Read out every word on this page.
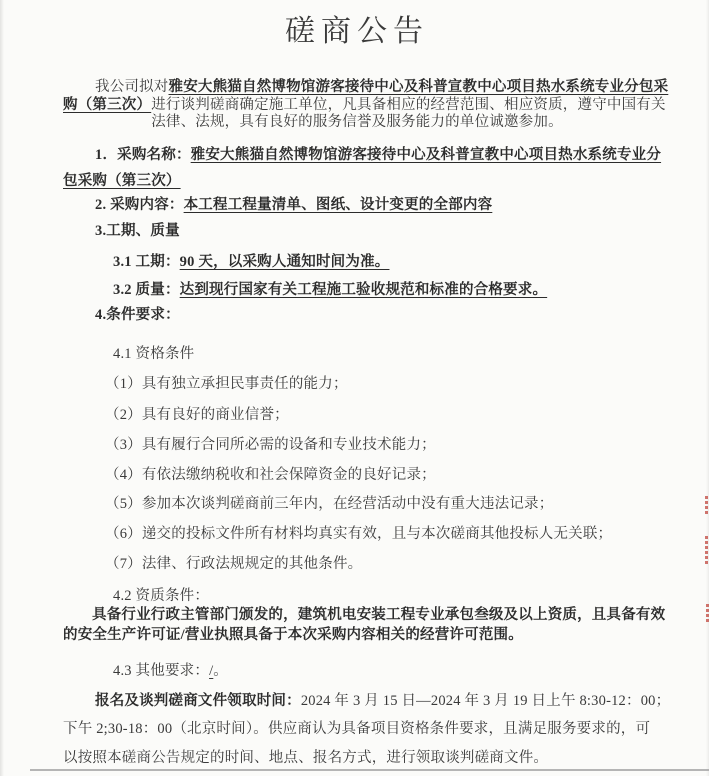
磋商公告
我公司拟对雅安大熊猫自然博物馆游客接待中心及科普宣教中心项目热水系统专业分包采
购（第三次）进行谈判磋商确定施工单位，凡具备相应的经营范围、相应资质，遵守中国有关
法律、法规，具有良好的服务信誉及服务能力的单位诚邀参加。
1．采购名称：雅安大熊猫自然博物馆游客接待中心及科普宣教中心项目热水系统专业分
包采购（第三次）
2. 采购内容：本工程工程量清单、图纸、设计变更的全部内容
3.工期、质量
3.1 工期：90 天，以采购人通知时间为准。
3.2 质量：达到现行国家有关工程施工验收规范和标准的合格要求。
4.条件要求：
4.1 资格条件
（1）具有独立承担民事责任的能力；
（2）具有良好的商业信誉；
（3）具有履行合同所必需的设备和专业技术能力；
（4）有依法缴纳税收和社会保障资金的良好记录；
（5）参加本次谈判磋商前三年内，在经营活动中没有重大违法记录；
（6）递交的投标文件所有材料均真实有效，且与本次磋商其他投标人无关联；
（7）法律、行政法规规定的其他条件。
4.2 资质条件：
具备行业行政主管部门颁发的，建筑机电安装工程专业承包叁级及以上资质，且具备有效
的安全生产许可证/营业执照具备于本次采购内容相关的经营许可范围。
4.3 其他要求：/。
报名及谈判磋商文件领取时间：2024 年 3 月 15 日—2024 年 3 月 19 日上午 8:30-12：00；
下午 2;30-18：00（北京时间）。供应商认为具备项目资格条件要求，且满足服务要求的，可
以按照本磋商公告规定的时间、地点、报名方式，进行领取谈判磋商文件。
